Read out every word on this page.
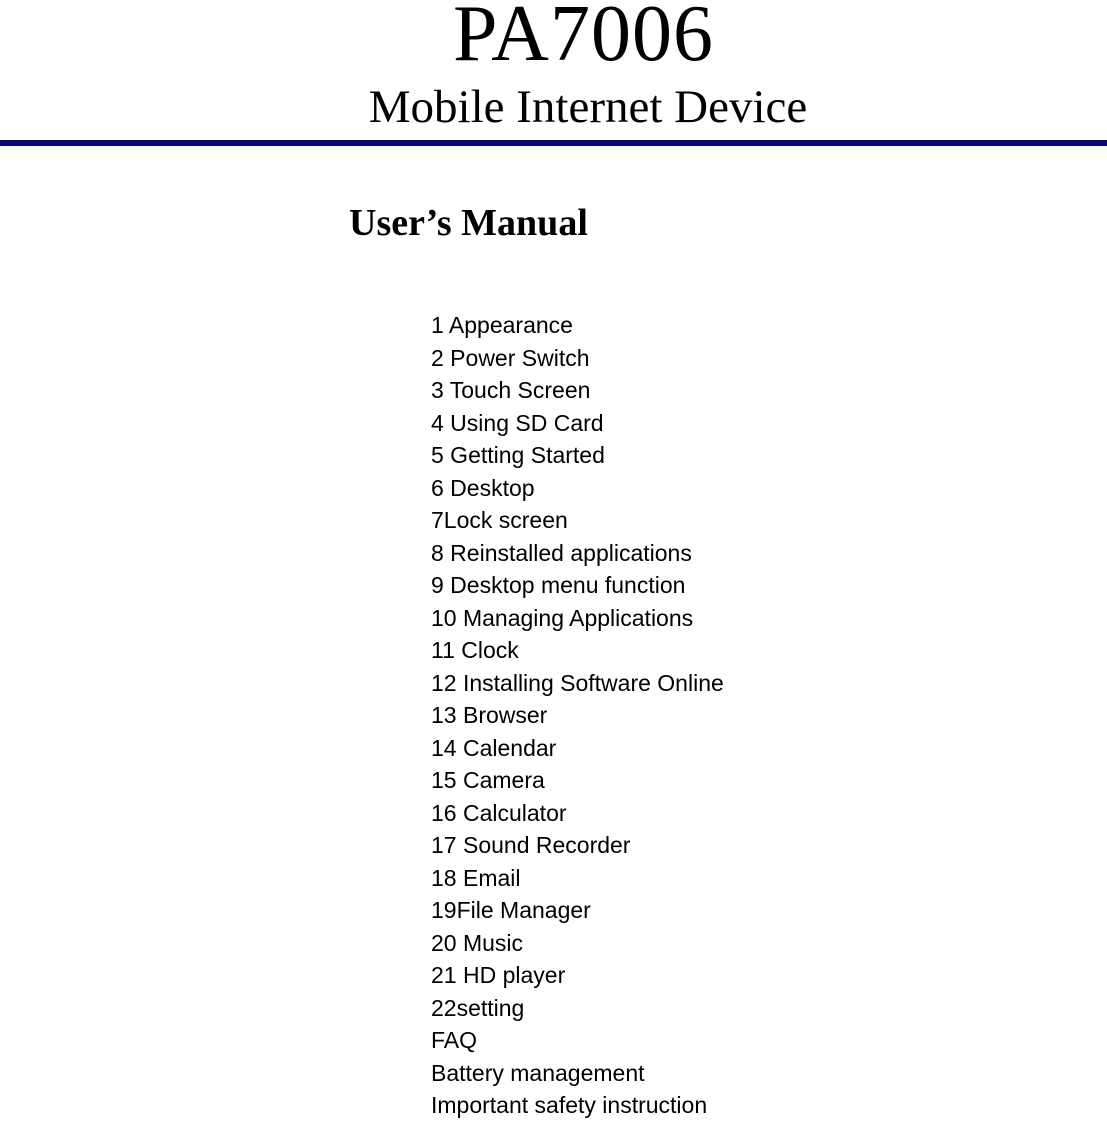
PA7006
Mobile Internet Device
User’s Manual
1 Appearance
2 Power Switch
3 Touch Screen
4 Using SD Card
5 Getting Started
6 Desktop
7Lock screen
8 Reinstalled applications
9 Desktop menu function
10 Managing Applications
11 Clock
12 Installing Software Online
13 Browser
14 Calendar
15 Camera
16 Calculator
17 Sound Recorder
18 Email
19File Manager
20 Music
21 HD player
22setting
FAQ
Battery management
Important safety instruction
